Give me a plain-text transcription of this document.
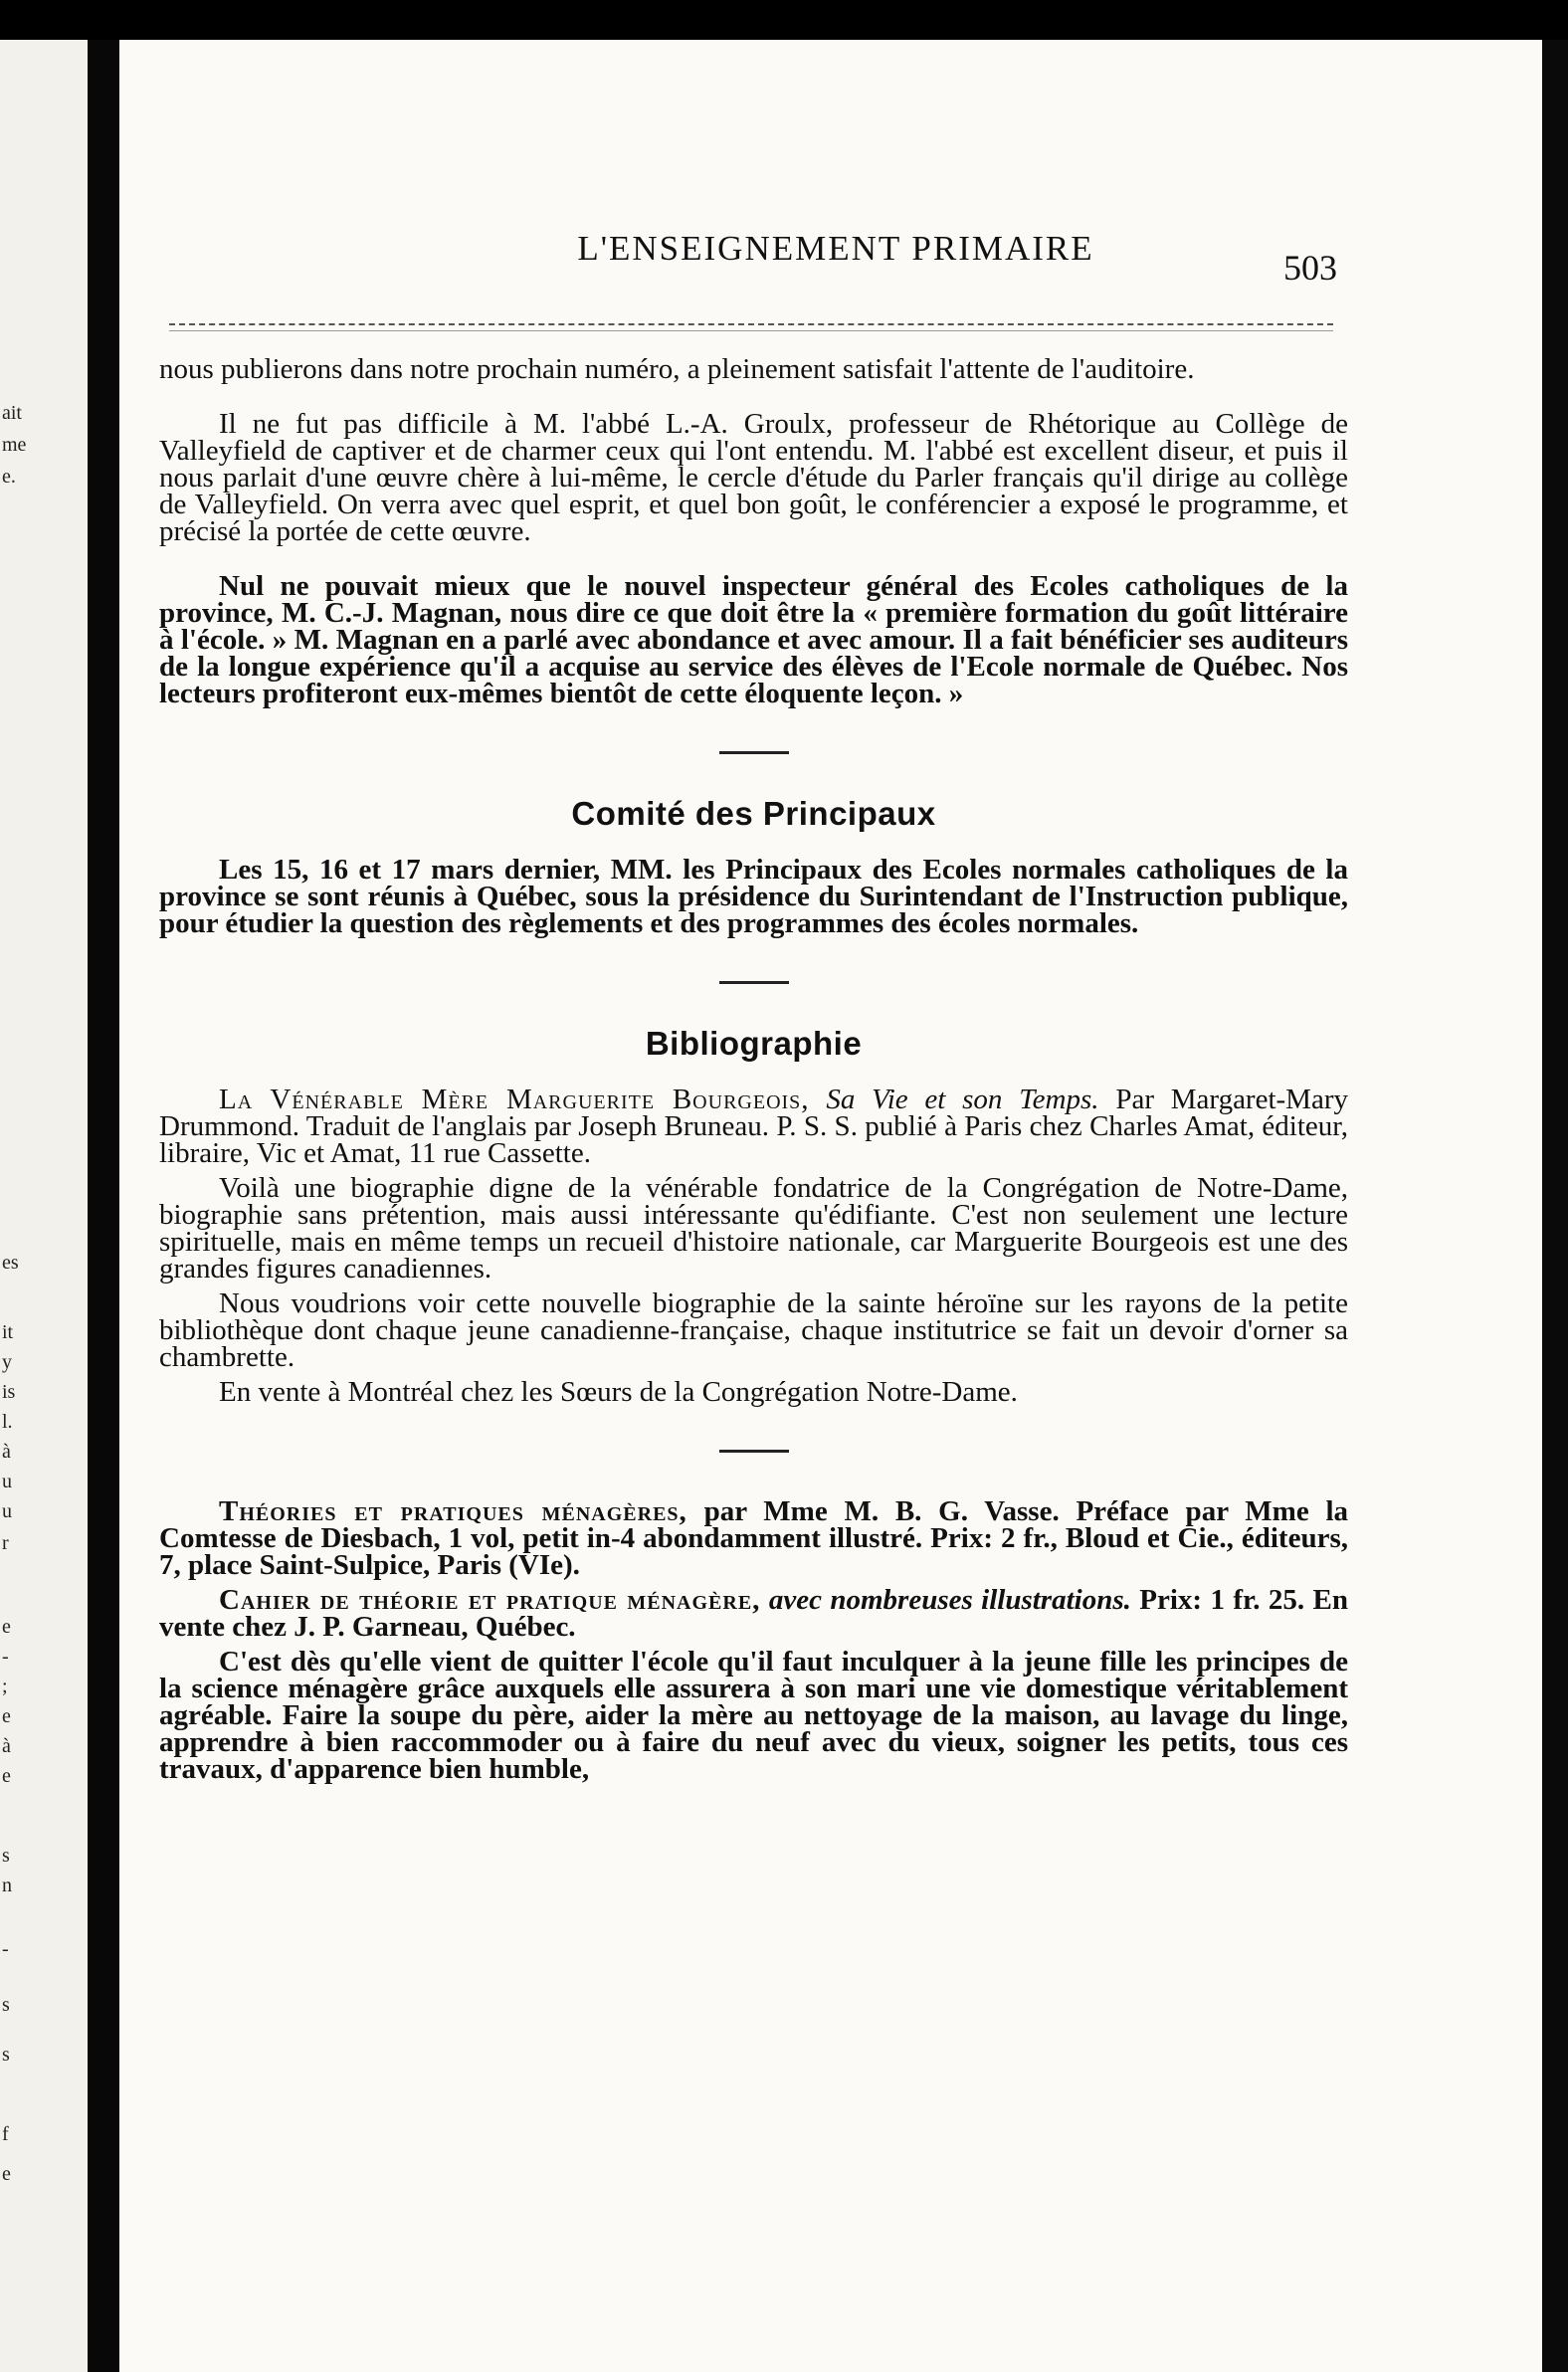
ait
me
e.
es
it
y
is
l.
à
u
u
r
e
-
;
e
à
e
s
n
-
s
s
f
e
L'ENSEIGNEMENT PRIMAIRE	503

nous publierons dans notre prochain numéro, a pleinement satisfait l'attente de l'auditoire.

Il ne fut pas difficile à M. l'abbé L.-A. Groulx, professeur de Rhétorique au Collège de Valleyfield de captiver et de charmer ceux qui l'ont entendu. M. l'abbé est excellent diseur, et puis il nous parlait d'une œuvre chère à lui-même, le cercle d'étude du Parler français qu'il dirige au collège de Valleyfield. On verra avec quel esprit, et quel bon goût, le conférencier a exposé le programme, et précisé la portée de cette œuvre.

Nul ne pouvait mieux que le nouvel inspecteur général des Ecoles catholiques de la province, M. C.-J. Magnan, nous dire ce que doit être la « première formation du goût littéraire à l'école. » M. Magnan en a parlé avec abondance et avec amour. Il a fait bénéficier ses auditeurs de la longue expérience qu'il a acquise au service des élèves de l'Ecole normale de Québec. Nos lecteurs profiteront eux-mêmes bientôt de cette éloquente leçon. »

Comité des Principaux

Les 15, 16 et 17 mars dernier, MM. les Principaux des Ecoles normales catholiques de la province se sont réunis à Québec, sous la présidence du Surintendant de l'Instruction publique, pour étudier la question des règlements et des programmes des écoles normales.

Bibliographie

La Vénérable Mère Marguerite Bourgeois, Sa Vie et son Temps. Par Margaret-Mary Drummond. Traduit de l'anglais par Joseph Bruneau. P. S. S. publié à Paris chez Charles Amat, éditeur, libraire, Vic et Amat, 11 rue Cassette.

Voilà une biographie digne de la vénérable fondatrice de la Congrégation de Notre-Dame, biographie sans prétention, mais aussi intéressante qu'édifiante. C'est non seulement une lecture spirituelle, mais en même temps un recueil d'histoire nationale, car Marguerite Bourgeois est une des grandes figures canadiennes.

Nous voudrions voir cette nouvelle biographie de la sainte héroïne sur les rayons de la petite bibliothèque dont chaque jeune canadienne-française, chaque institutrice se fait un devoir d'orner sa chambrette.

En vente à Montréal chez les Sœurs de la Congrégation Notre-Dame.

Théories et pratiques ménagères, par Mme M. B. G. Vasse. Préface par Mme la Comtesse de Diesbach, 1 vol, petit in-4 abondamment illustré. Prix: 2 fr., Bloud et Cie., éditeurs, 7, place Saint-Sulpice, Paris (VIe).

Cahier de théorie et pratique ménagère, avec nombreuses illustrations. Prix: 1 fr. 25. En vente chez J. P. Garneau, Québec.

C'est dès qu'elle vient de quitter l'école qu'il faut inculquer à la jeune fille les principes de la science ménagère grâce auxquels elle assurera à son mari une vie domestique véritablement agréable. Faire la soupe du père, aider la mère au nettoyage de la maison, au lavage du linge, apprendre à bien raccommoder ou à faire du neuf avec du vieux, soigner les petits, tous ces travaux, d'apparence bien humble,
